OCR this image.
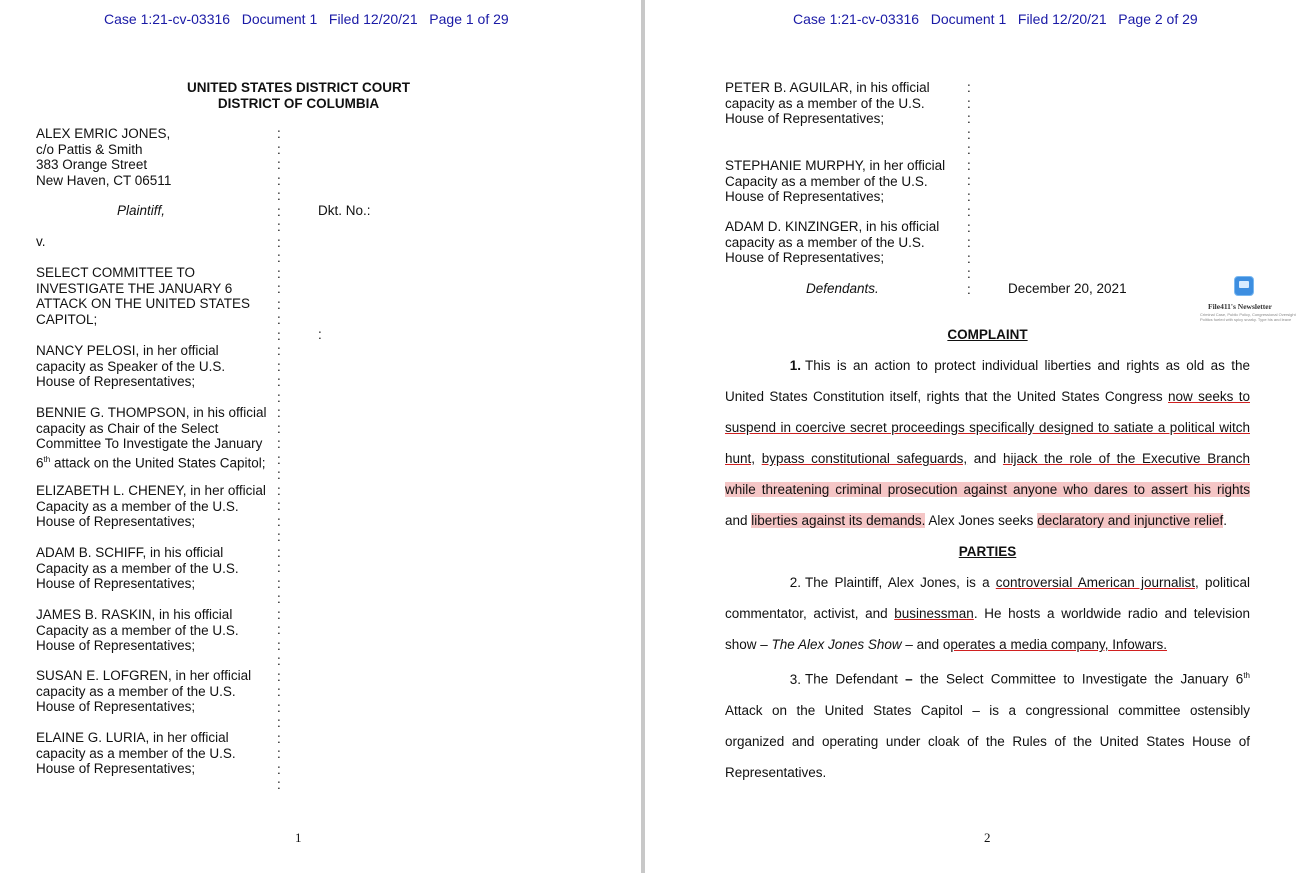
Case 1:21-cv-03316   Document 1   Filed 12/20/21   Page 1 of 29
UNITED STATES DISTRICT COURT
DISTRICT OF COLUMBIA
ALEX EMRIC JONES,
c/o Pattis & Smith
383 Orange Street
New Haven, CT 06511
Plaintiff,	Dkt. No.:
v.
SELECT COMMITTEE TO
INVESTIGATE THE JANUARY 6
ATTACK ON THE UNITED STATES
CAPITOL;
:
NANCY PELOSI, in her official
capacity as Speaker of the U.S.
House of Representatives;
BENNIE G. THOMPSON, in his official
capacity as Chair of the Select
Committee To Investigate the January
6th attack on the United States Capitol;
ELIZABETH L. CHENEY, in her official
Capacity as a member of the U.S.
House of Representatives;
ADAM B. SCHIFF, in his official
Capacity as a member of the U.S.
House of Representatives;
JAMES B. RASKIN, in his official
Capacity as a member of the U.S.
House of Representatives;
SUSAN E. LOFGREN, in her official
capacity as a member of the U.S.
House of Representatives;
ELAINE G. LURIA, in her official
capacity as a member of the U.S.
House of Representatives;
:
:
:
:
:
:
:
:
:
:
:
:
:
:
:
:
:
:
:
:
:
:
:
:
:
:
:
:
:
:
:
:
:
:
:
:
:
:
:
:
:
:
:
1
Case 1:21-cv-03316   Document 1   Filed 12/20/21   Page 2 of 29
PETER B. AGUILAR, in his official
capacity as a member of the U.S.
House of Representatives;
STEPHANIE MURPHY, in her official
Capacity as a member of the U.S.
House of Representatives;
ADAM D. KINZINGER, in his official
capacity as a member of the U.S.
House of Representatives;
Defendants.	December 20, 2021
:
:
:
:
:
:
:
:
:
:
:
:
:
:
File411's Newsletter
Criminal Case, Public Policy, Congressional Oversight
Politics fueled with spicy snarky. Type his and leave
COMPLAINT

1. This is an action to protect individual liberties and rights as old as the United States Constitution itself, rights that the United States Congress now seeks to suspend in coercive secret proceedings specifically designed to satiate a political witch hunt, bypass constitutional safeguards, and hijack the role of the Executive Branch while threatening criminal prosecution against anyone who dares to assert his rights and liberties against its demands. Alex Jones seeks declaratory and injunctive relief.

PARTIES

2. The Plaintiff, Alex Jones, is a controversial American journalist, political commentator, activist, and businessman. He hosts a worldwide radio and television show – The Alex Jones Show – and operates a media company, Infowars.

3. The Defendant – the Select Committee to Investigate the January 6th Attack on the United States Capitol – is a congressional committee ostensibly organized and operating under cloak of the Rules of the United States House of Representatives.

2
